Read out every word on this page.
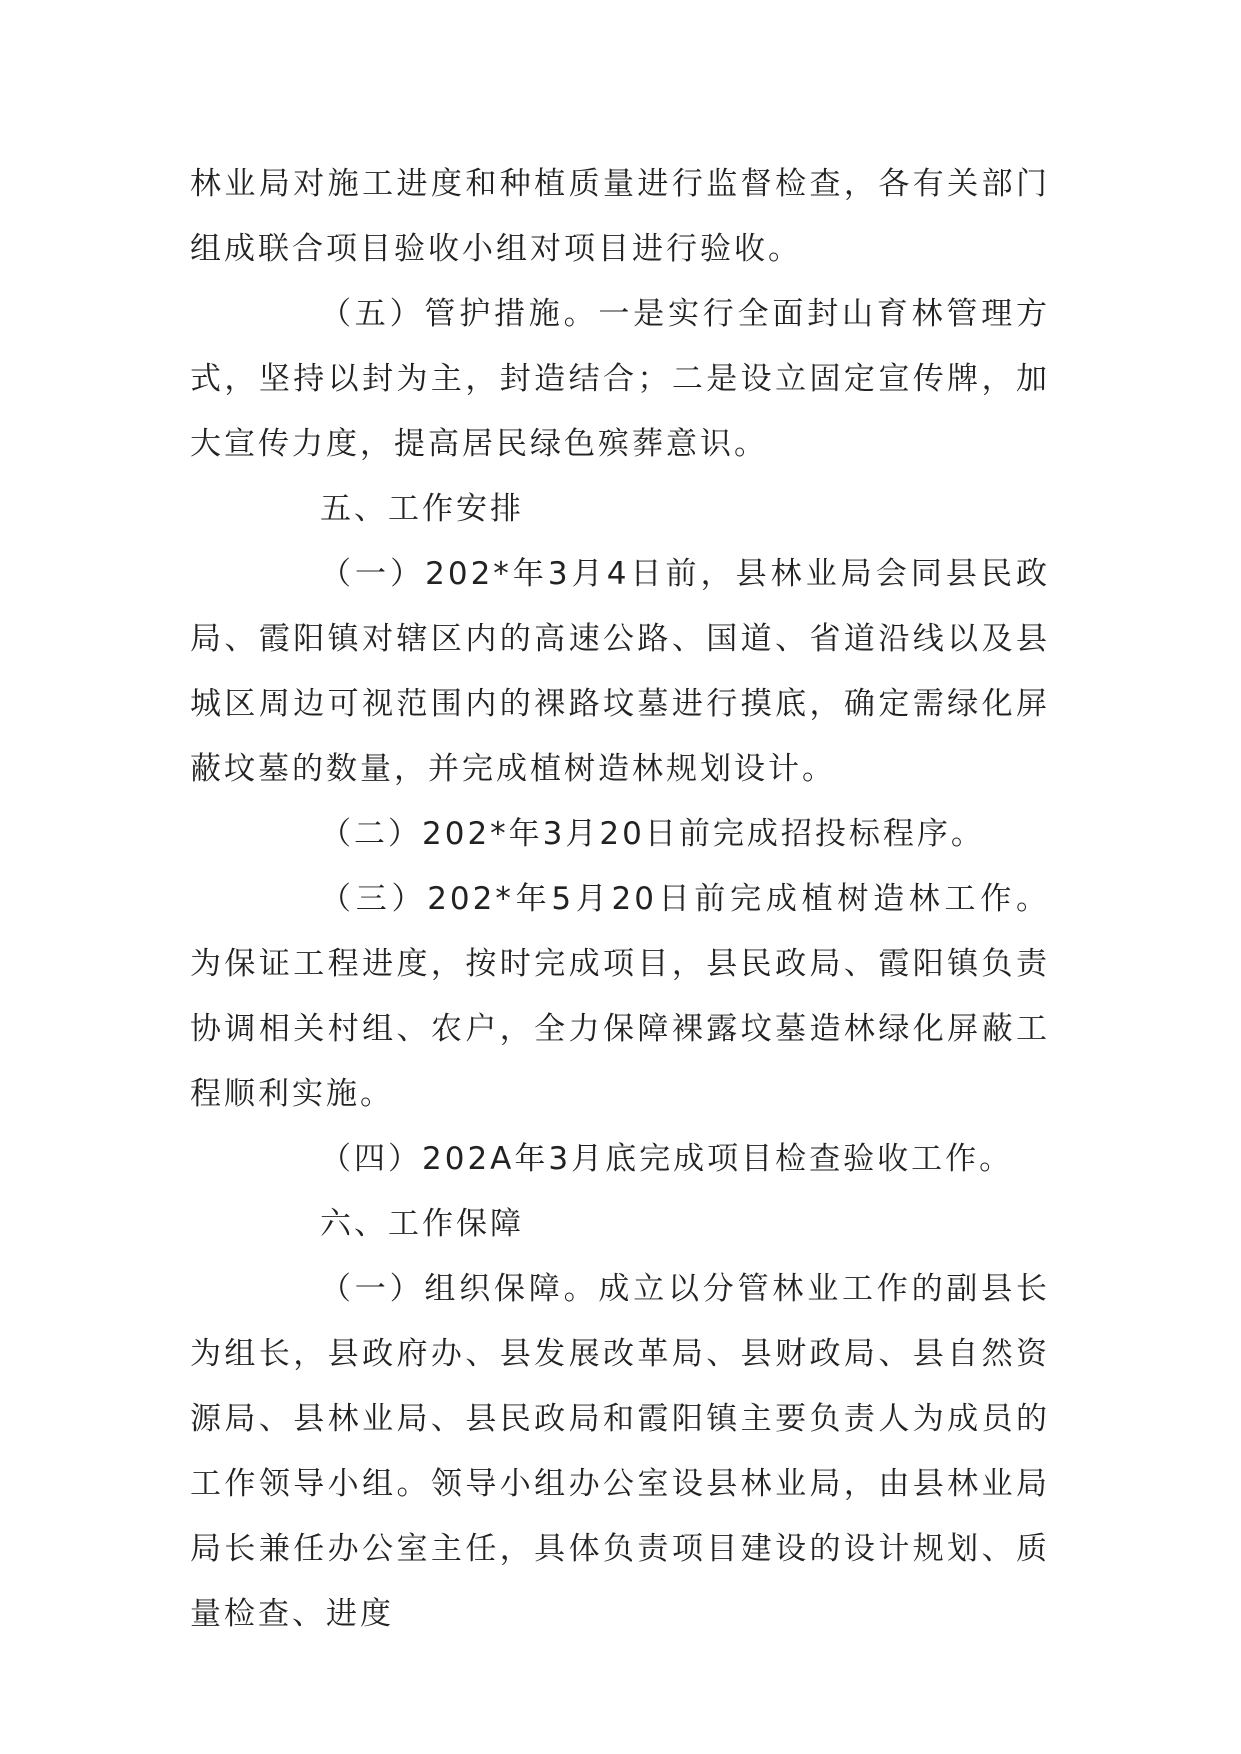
林业局对施工进度和种植质量进行监督检查，各有关部门组成联合项目验收小组对项目进行验收。

（五）管护措施。一是实行全面封山育林管理方式，坚持以封为主，封造结合；二是设立固定宣传牌，加大宣传力度，提高居民绿色殡葬意识。

五、工作安排

（一）202*年3月4日前，县林业局会同县民政局、霞阳镇对辖区内的高速公路、国道、省道沿线以及县城区周边可视范围内的裸路坟墓进行摸底，确定需绿化屏蔽坟墓的数量，并完成植树造林规划设计。

（二）202*年3月20日前完成招投标程序。

（三）202*年5月20日前完成植树造林工作。为保证工程进度，按时完成项目，县民政局、霞阳镇负责协调相关村组、农户，全力保障裸露坟墓造林绿化屏蔽工程顺利实施。

（四）202A年3月底完成项目检查验收工作。

六、工作保障

（一）组织保障。成立以分管林业工作的副县长为组长，县政府办、县发展改革局、县财政局、县自然资源局、县林业局、县民政局和霞阳镇主要负责人为成员的工作领导小组。领导小组办公室设县林业局，由县林业局局长兼任办公室主任，具体负责项目建设的设计规划、质量检查、进度
